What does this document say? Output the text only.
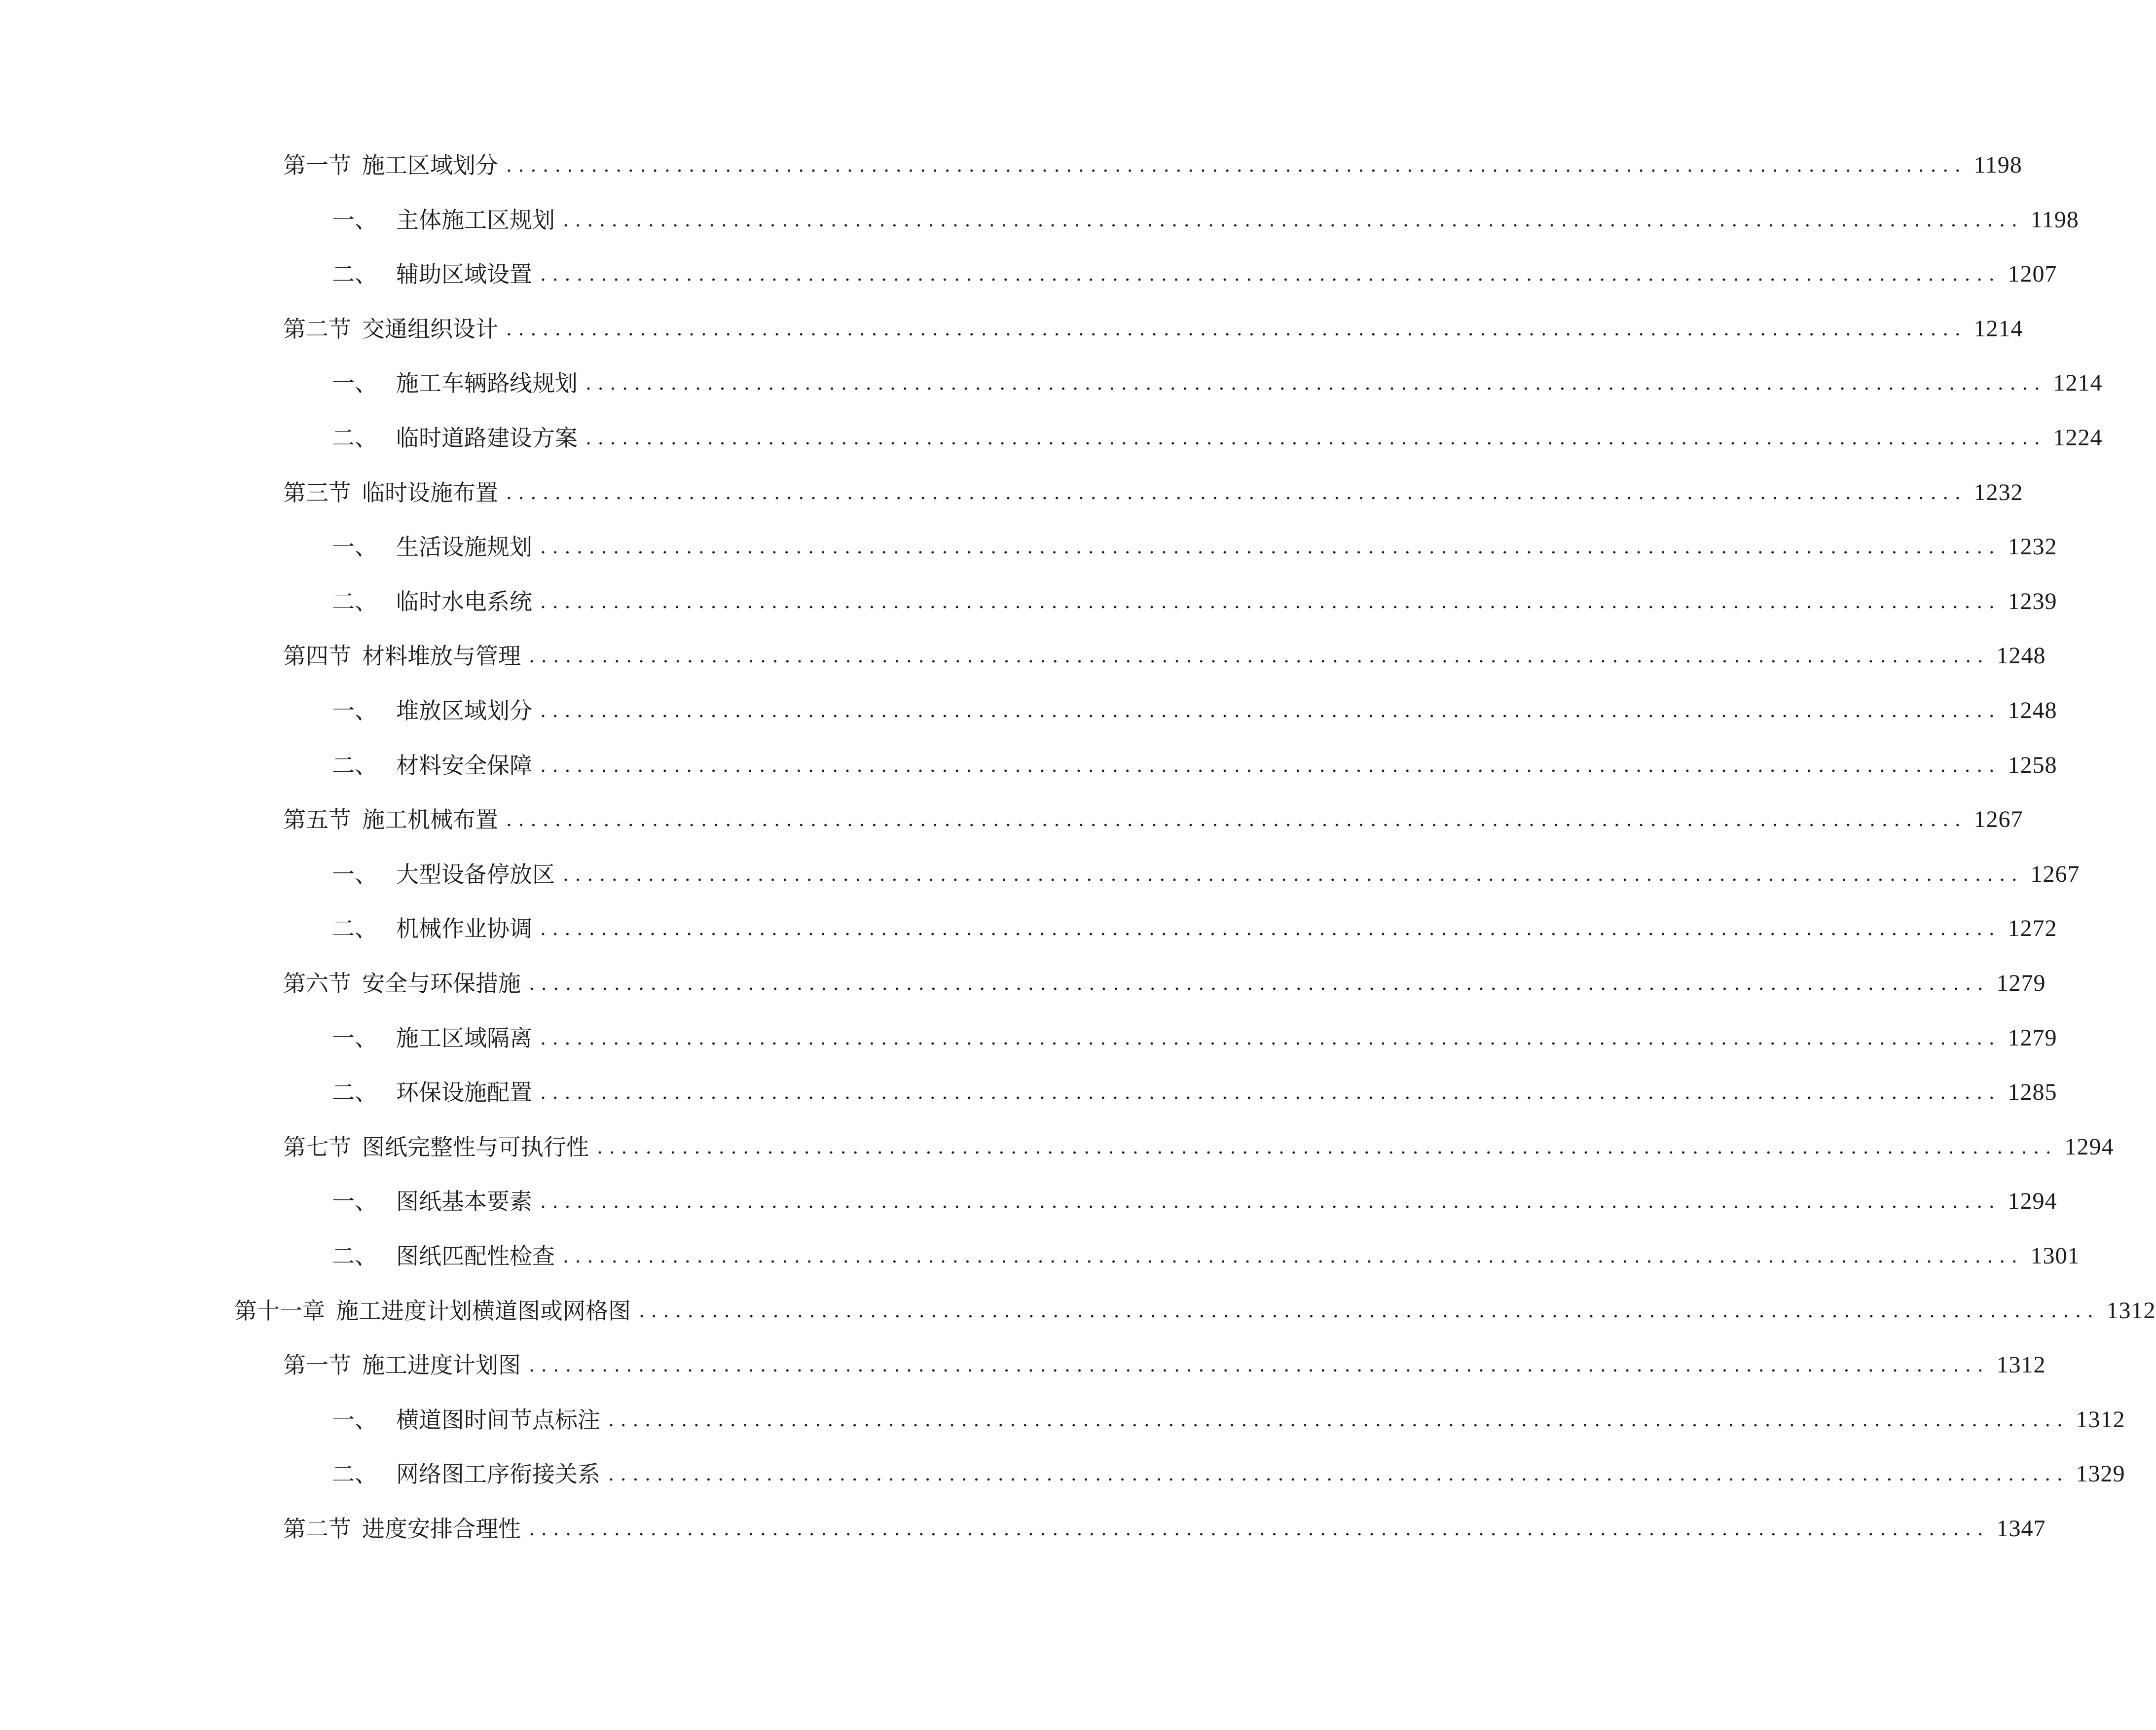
第一节 施工区域划分 ........................................................................................................................ 1198
一、 主体施工区规划 ........................................................................................................................ 1198
二、 辅助区域设置 ........................................................................................................................ 1207
第二节 交通组织设计 ........................................................................................................................ 1214
一、 施工车辆路线规划 ........................................................................................................................ 1214
二、 临时道路建设方案 ........................................................................................................................ 1224
第三节 临时设施布置 ........................................................................................................................ 1232
一、 生活设施规划 ........................................................................................................................ 1232
二、 临时水电系统 ........................................................................................................................ 1239
第四节 材料堆放与管理 ........................................................................................................................ 1248
一、 堆放区域划分 ........................................................................................................................ 1248
二、 材料安全保障 ........................................................................................................................ 1258
第五节 施工机械布置 ........................................................................................................................ 1267
一、 大型设备停放区 ........................................................................................................................ 1267
二、 机械作业协调 ........................................................................................................................ 1272
第六节 安全与环保措施 ........................................................................................................................ 1279
一、 施工区域隔离 ........................................................................................................................ 1279
二、 环保设施配置 ........................................................................................................................ 1285
第七节 图纸完整性与可执行性 ........................................................................................................................ 1294
一、 图纸基本要素 ........................................................................................................................ 1294
二、 图纸匹配性检查 ........................................................................................................................ 1301
第十一章 施工进度计划横道图或网格图 ........................................................................................................................ 1312
第一节 施工进度计划图 ........................................................................................................................ 1312
一、 横道图时间节点标注 ........................................................................................................................ 1312
二、 网络图工序衔接关系 ........................................................................................................................ 1329
第二节 进度安排合理性 ........................................................................................................................ 1347
